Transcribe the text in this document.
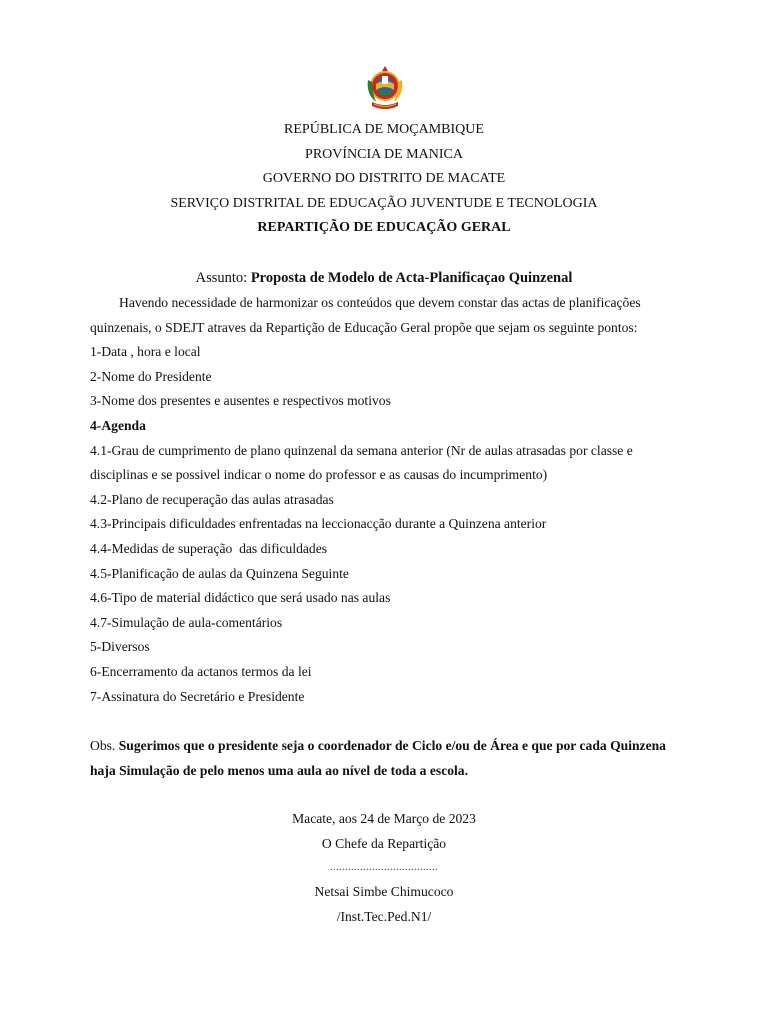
REPÚBLICA DE MOÇAMBIQUE
PROVÍNCIA DE MANICA
GOVERNO DO DISTRITO DE MACATE
SERVIÇO DISTRITAL DE EDUCAÇÃO JUVENTUDE E TECNOLOGIA
REPARTIÇÃO DE EDUCAÇÃO GERAL
Assunto: Proposta de Modelo de Acta-Planificaçao Quinzenal

Havendo necessidade de harmonizar os conteúdos que devem constar das actas de planificações

quinzenais, o SDEJT atraves da Repartição de Educação Geral propõe que sejam os seguinte pontos:

1-Data , hora e local

2-Nome do Presidente

3-Nome dos presentes e ausentes e respectivos motivos

4-Agenda

4.1-Grau de cumprimento de plano quinzenal da semana anterior (Nr de aulas atrasadas por classe e

disciplinas e se possivel indicar o nome do professor e as causas do incumprimento)

4.2-Plano de recuperação das aulas atrasadas

4.3-Principais dificuldades enfrentadas na leccionacção durante a Quinzena anterior

4.4-Medidas de superação  das dificuldades

4.5-Planificação de aulas da Quinzena Seguinte

4.6-Tipo de material didáctico que será usado nas aulas

4.7-Simulação de aula-comentários

5-Diversos

6-Encerramento da actanos termos da lei

7-Assinatura do Secretário e Presidente

Obs. Sugerimos que o presidente seja o coordenador de Ciclo e/ou de Área e que por cada Quinzena

haja Simulação de pelo menos uma aula ao nível de toda a escola.

Macate, aos 24 de Março de 2023
O Chefe da Repartição
....................................
Netsai Simbe Chimucoco
/Inst.Tec.Ped.N1/
